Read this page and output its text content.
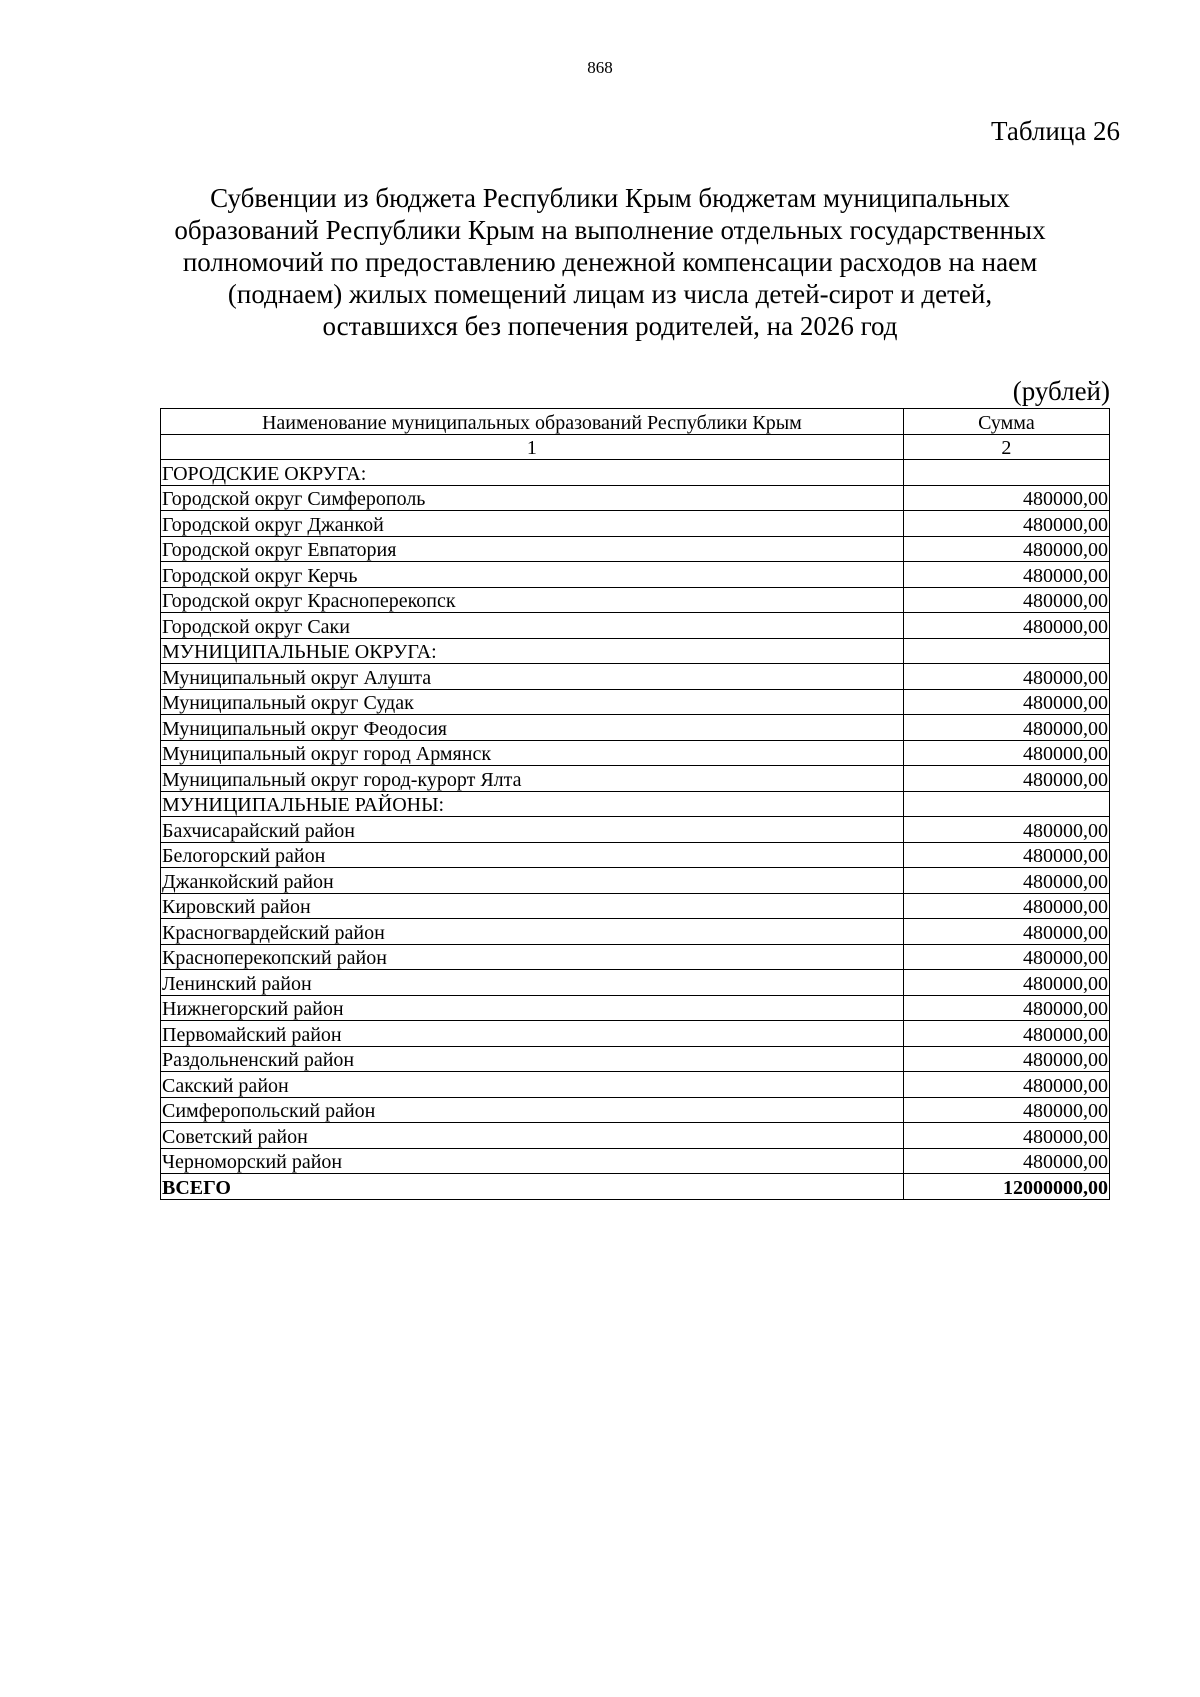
868
Таблица 26
Субвенции из бюджета Республики Крым бюджетам муниципальных
образований Республики Крым на выполнение отдельных государственных
полномочий по предоставлению денежной компенсации расходов на наем
(поднаем) жилых помещений лицам из числа детей-сирот и детей,
оставшихся без попечения родителей, на 2026 год
(рублей)
Наименование муниципальных образований Республики Крым	Сумма
1	2
ГОРОДСКИЕ ОКРУГА:	
Городской округ Симферополь	480000,00
Городской округ Джанкой	480000,00
Городской округ Евпатория	480000,00
Городской округ Керчь	480000,00
Городской округ Красноперекопск	480000,00
Городской округ Саки	480000,00
МУНИЦИПАЛЬНЫЕ ОКРУГА:	
Муниципальный округ Алушта	480000,00
Муниципальный округ Судак	480000,00
Муниципальный округ Феодосия	480000,00
Муниципальный округ город Армянск	480000,00
Муниципальный округ город-курорт Ялта	480000,00
МУНИЦИПАЛЬНЫЕ РАЙОНЫ:	
Бахчисарайский район	480000,00
Белогорский район	480000,00
Джанкойский район	480000,00
Кировский район	480000,00
Красногвардейский район	480000,00
Красноперекопский район	480000,00
Ленинский район	480000,00
Нижнегорский район	480000,00
Первомайский район	480000,00
Раздольненский район	480000,00
Сакский район	480000,00
Симферопольский район	480000,00
Советский район	480000,00
Черноморский район	480000,00
ВСЕГО	12000000,00
